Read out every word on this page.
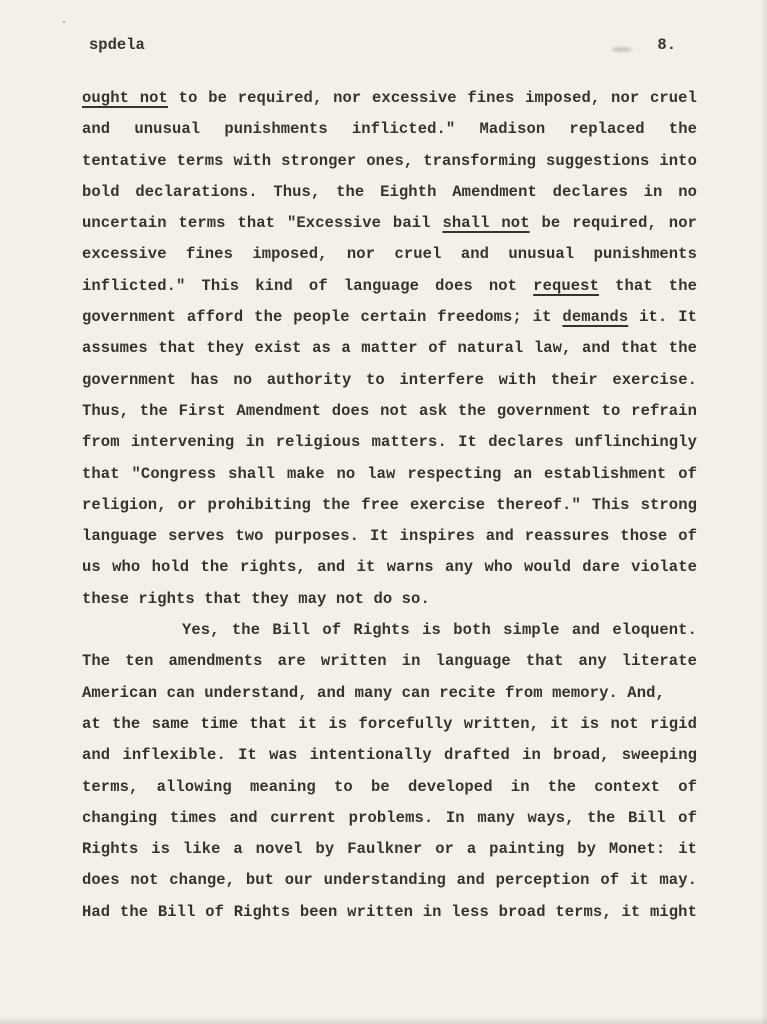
spdela	8.
ought not to be required, nor excessive fines imposed, nor cruel
and unusual punishments inflicted." Madison replaced the
tentative terms with stronger ones, transforming suggestions into
bold declarations. Thus, the Eighth Amendment declares in no
uncertain terms that "Excessive bail shall not be required, nor
excessive fines imposed, nor cruel and unusual punishments
inflicted." This kind of language does not request that the
government afford the people certain freedoms; it demands it. It
assumes that they exist as a matter of natural law, and that the
government has no authority to interfere with their exercise.
Thus, the First Amendment does not ask the government to refrain
from intervening in religious matters. It declares unflinchingly
that "Congress shall make no law respecting an establishment of
religion, or prohibiting the free exercise thereof." This strong
language serves two purposes. It inspires and reassures those of
us who hold the rights, and it warns any who would dare violate
these rights that they may not do so.
Yes, the Bill of Rights is both simple and eloquent.
The ten amendments are written in language that any literate
American can understand, and many can recite from memory. And,
at the same time that it is forcefully written, it is not rigid
and inflexible. It was intentionally drafted in broad, sweeping
terms, allowing meaning to be developed in the context of
changing times and current problems. In many ways, the Bill of
Rights is like a novel by Faulkner or a painting by Monet: it
does not change, but our understanding and perception of it may.
Had the Bill of Rights been written in less broad terms, it might
